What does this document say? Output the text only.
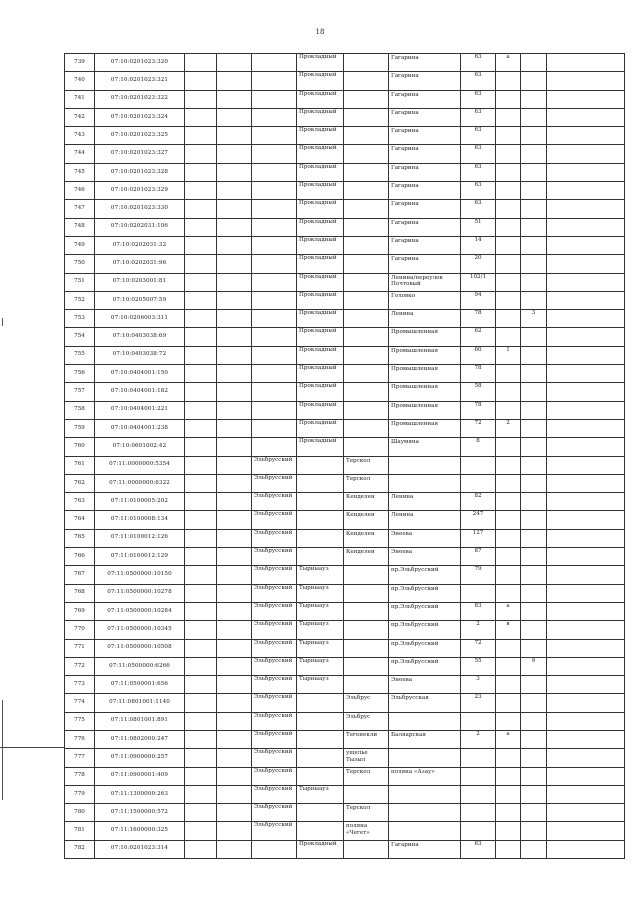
18
739	07:10:0201023:320				Прокладный		Гагарина	63	а		
740	07:10:0201023:321				Прокладный		Гагарина	63			
741	07:10:0201023:322				Прокладный		Гагарина	63			
742	07:10:0201023:324				Прокладный		Гагарина	63			
743	07:10:0201023:325				Прокладный		Гагарина	63			
744	07:10:0201023:327				Прокладный		Гагарина	63			
745	07:10:0201023:328				Прокладный		Гагарина	63			
746	07:10:0201023:329				Прокладный		Гагарина	63			
747	07:10:0201023:330				Прокладный		Гагарина	63			
748	07:10:0202031:106				Прокладный		Гагарина	51			
749	07:10:0202031:32				Прокладный		Гагарина	14			
750	07:10:0202031:96				Прокладный		Гагарина	20			
751	07:10:0203001:81				Прокладный		Ленина/переулок Почтовый	102/1			
752	07:10:0205007:59				Прокладный		Головко	94			
753	07:10:0206003:311				Прокладный		Ленина	78		3	
754	07:10:0403038:69				Прокладный		Промышленная	62			
755	07:10:0403038:72				Прокладный		Промышленная	60	1		
756	07:10:0404001:150				Прокладный		Промышленная	78			
757	07:10:0404001:182				Прокладный		Промышленная	58			
758	07:10:0404001:221				Прокладный		Промышленная	78			
759	07:10:0404001:238				Прокладный		Промышленная	72	2		
760	07:10:0601002:42				Прокладный		Шаумяна	8			
761	07:11:0000000:5354			Эльбрусский		Терскол					
762	07:11:0000000:6322			Эльбрусский		Терскол					
763	07:11:0100005:202			Эльбрусский		Кенделен	Ленина	82			
764	07:11:0100008:134			Эльбрусский		Кенделен	Ленина	247			
765	07:11:0100012:126			Эльбрусский		Кенделен	Энеева	127			
766	07:11:0100012:129			Эльбрусский		Кенделен	Энеева	87			
767	07:11:0500000:10150			Эльбрусский	Тырныауз		пр.Эльбрусский	79			
768	07:11:0500000:10278			Эльбрусский	Тырныауз		пр.Эльбрусский				
769	07:11:0500000:10284			Эльбрусский	Тырныауз		пр.Эльбрусский	83	а		
770	07:11:0500000:10345			Эльбрусский	Тырныауз		пр.Эльбрусский	2	в		
771	07:11:0500000:10508			Эльбрусский	Тырныауз		пр.Эльбрусский	72			
772	07:11:0500000:6266			Эльбрусский	Тырныауз		пр.Эльбрусский	55		9	
773	07:11:0500001:656			Эльбрусский	Тырныауз		Энеева	3			
774	07:11:0801001:1140			Эльбрусский		Эльбрус	Эльбрусская	23			
775	07:11:0801001:891			Эльбрусский		Эльбрус					
776	07:11:0802000:247			Эльбрусский		Тегенекли	Баляарская	2	а		
777	07:11:0900000:257			Эльбрусский		ущелье Тызыл					
778	07:11:0900001:409			Эльбрусский		Терскол	поляна «Азау»				
779	07:11:1300000:263			Эльбрусский	Тырныауз						
780	07:11:1500000:572			Эльбрусский		Терскол					
781	07:11:1600000:325			Эльбрусский		поляна «Чегет»					
782	07:10:0201023:314				Прокладный		Гагарина	63			
